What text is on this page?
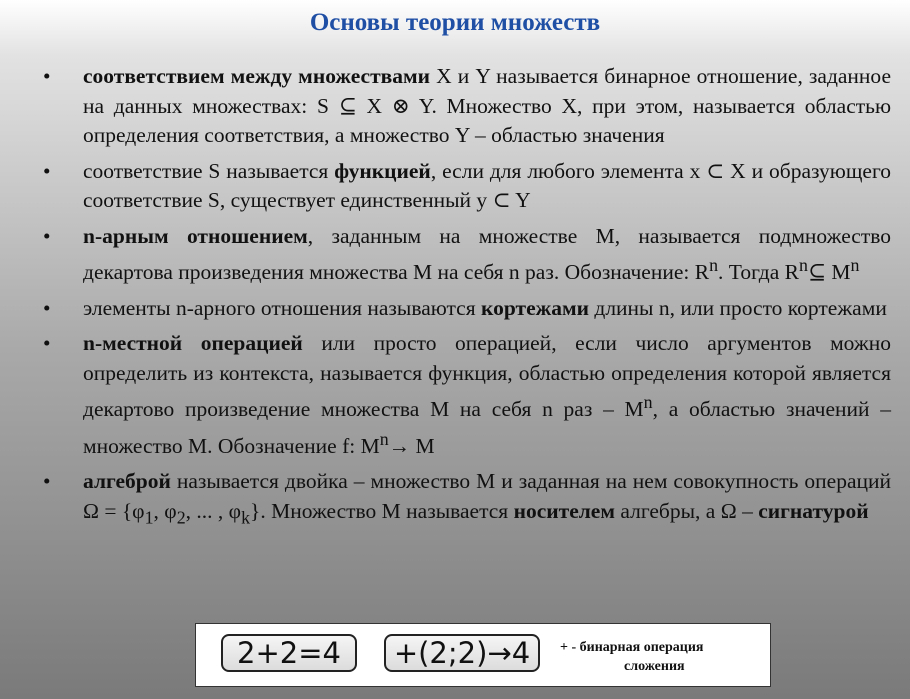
Основы теории множеств
• соответствием между множествами X и Y называется бинарное отношение, заданное на данных множествах: S ⊆ X ⊗ Y. Множество X, при этом, называется областью определения соответствия, а множество Y – областью значения
• соответствие S называется функцией, если для любого элемента x ⊂ X и образующего соответствие S, существует единственный y ⊂ Y
• n-арным отношением, заданным на множестве M, называется подмножество декартова произведения множества M на себя n раз. Обозначение: $R^n$. Тогда $R^n⊆$ $M^n$
• элементы n-арного отношения называются кортежами длины n, или просто кортежами
• n-местной операцией или просто операцией, если число аргументов можно определить из контекста, называется функция, областью определения которой является декартово произведение множества M на себя n раз – $M^n$, а областью значений – множество M. Обозначение f: $M^n\to M$
• алгеброй называется двойка – множество M и заданная на нем совокупность операций $\Omega = \{\varphi_1$, $\varphi_2$, ... , $\varphi_k$}. Множество M называется носителем алгебры, а Ω – сигнатурой
2+2=4	+(2;2)→4	+ - бинарная операция
сложения
